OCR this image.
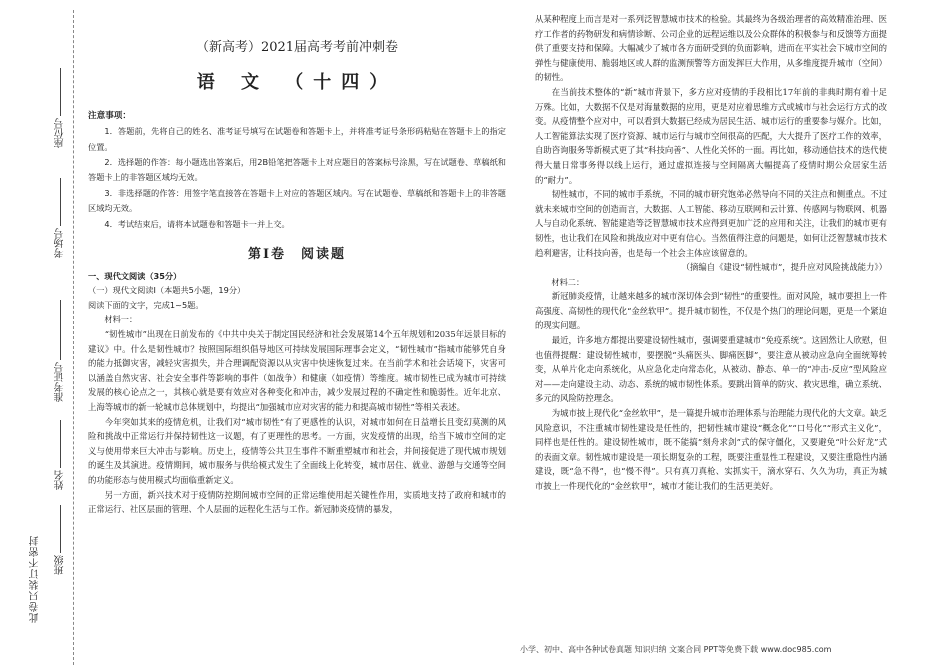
座位号
考场号
准考证号
姓名
班级
此卷只装订不密封

（新高考）2021届高考考前冲刺卷

语 文 （十四）

注意事项：

1．答题前，先将自己的姓名、准考证号填写在试题卷和答题卡上，并将准考证号条形码粘贴在答题卡上的指定位置。

2．选择题的作答：每小题选出答案后，用2B铅笔把答题卡上对应题目的答案标号涂黑，写在试题卷、草稿纸和答题卡上的非答题区域均无效。

3．非选择题的作答：用签字笔直接答在答题卡上对应的答题区域内。写在试题卷、草稿纸和答题卡上的非答题区域均无效。

4．考试结束后，请将本试题卷和答题卡一并上交。

第Ⅰ卷　阅读题

一、现代文阅读（35分）

（一）现代文阅读Ⅰ（本题共5小题，19分）

阅读下面的文字，完成1~5题。

材料一：

“韧性城市”出现在日前发布的《中共中央关于制定国民经济和社会发展第14个五年规划和2035年远景目标的建议》中。什么是韧性城市？按照国际组织倡导地区可持续发展国际理事会定义，“韧性城市”指城市能够凭自身的能力抵御灾害，减轻灾害损失，并合理调配资源以从灾害中快速恢复过来。在当前学术和社会话境下，灾害可以涵盖自然灾害、社会安全事件等影响的事件（如战争）和健康（如疫情）等维度。城市韧性已成为城市可持续发展的核心论点之一，其核心就是要有效应对各种变化和冲击，减少发展过程的不确定性和脆弱性。近年北京、上海等城市的新一轮城市总体规划中，均提出“加强城市应对灾害的能力和提高城市韧性”等相关表述。

今年突如其来的疫情危机，让我们对“城市韧性”有了更感性的认识，对城市如何在日益增长且变幻莫测的风险和挑战中正常运行并保持韧性这一议题，有了更理性的思考。一方面，灾发疫情的出现，给当下城市空间的定义与使用带来巨大冲击与影响。历史上，疫情等公共卫生事件不断重塑城市和社会，并间接促进了现代城市规划的诞生及其演进。疫情期间，城市服务与供给模式发生了全面线上化转变，城市居住、就业、游憩与交通等空间的功能形态与使用模式均面临重新定义。

另一方面，新兴技术对于疫情防控期间城市空间的正常运维使用起关键性作用，实质地支持了政府和城市的正常运行、社区层面的管理、个人层面的远程化生活与工作。新冠肺炎疫情的暴发，

从某种程度上而言是对一系列泛智慧城市技术的检验。其最终为各级治理者的高效精准治理、医疗工作者的药物研发和病情诊断、公司企业的远程运维以及公众群体的积极参与和反馈等方面提供了重要支持和保障。大幅减少了城市各方面研受到的负面影响，进而在平实社会下城市空间的弹性与健康使用、脆弱地区或人群的监测预警等方面发挥巨大作用，从多维度提升城市（空间）的韧性。

在当前技术整体的“新”城市背景下，多方应对疫情的手段相比17年前的非典时期有着十足万殊。比如，大数据不仅是对海量数据的应用，更是对应着思维方式或城市与社会运行方式的改变。从疫情整个应对中，可以看到大数据已经成为居民生活、城市运行的重要参与媒介。比如，人工智能算法实现了医疗资源、城市运行与城市空间很高的匹配，大大提升了医疗工作的效率，自助咨询服务等新模式更了其“科技向善”、人性化关怀的一面。再比如，移动通信技术的迭代使得大量日常事务得以线上运行，通过虚拟连接与空间隔离大幅提高了疫情时期公众居家生活的“耐力”。

韧性城市，不同的城市手系统，不同的城市研究饱弟必然导向不同的关注点和侧重点。不过就未来城市空间的创造而言，大数据、人工智能、移动互联网和云计算、传感网与物联网、机器人与自动化系统、智能建造等泛智慧城市技术应得到更加广泛的应用和关注，让我们的城市更有韧性，也让我们在风险和挑战应对中更有信心。当然值得注意的问题是，如何让泛智慧城市技术趋利避害，让科技向善，也是每一个社会主体应该留意的。

（摘编自《建设“韧性城市”，提升应对风险挑战能力》）

材料二：

新冠肺炎疫情，让越来越多的城市深切体会到“韧性”的重要性。面对风险，城市要担上一件高强度、高韧性的现代化“金丝软甲”。提升城市韧性，不仅是个热门的理论问题，更是一个紧迫的现实问题。

最近，许多地方都提出要建设韧性城市，强调要重建城市“免疫系统”。这固然让人欣慰，但也值得提醒：建设韧性城市，要摆脱“头痛医头、脚痛医脚”，要注意从被动应急向全面统筹转变，从单片化走向系统化，从应急化走向常态化，从被动、静态、单一的“冲击-反应”型风险应对——走向建设主动、动态、系统的城市韧性体系。要跳出简单的防灾、救灾思维，确立系统、多元的风险防控理念。

为城市披上现代化“金丝软甲”，是一篇提升城市治理体系与治理能力现代化的大文章。缺乏风险意识，不注重城市韧性建设是任性的，把韧性城市建设“概念化”“口号化”“形式主义化”，同样也是任性的。建设韧性城市，既不能搞“刻舟求剑”式的保守僵化，又要避免“叶公好龙”式的表面文章。韧性城市建设是一项长期复杂的工程，既要注重显性工程建设，又要注重隐性内涵建设，既“急不得”，也“慢不得”。只有真刀真枪、实抓实干，滴水穿石、久久为功，真正为城市披上一件现代化的“金丝软甲”，城市才能让我们的生活更美好。

小学、初中、高中各种试卷真题 知识归纳 文案合同 PPT等免费下载 www.doc985.com
